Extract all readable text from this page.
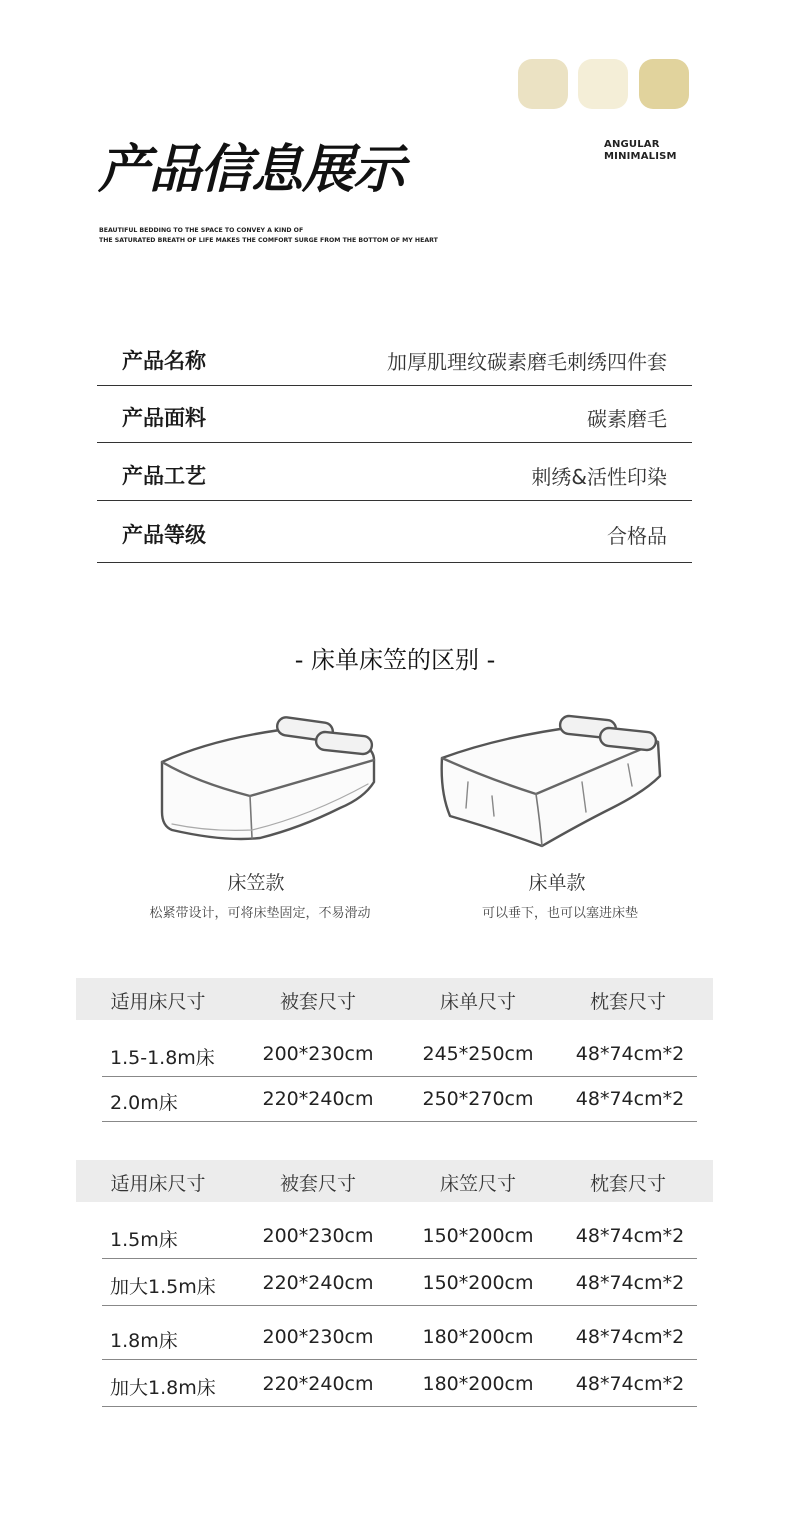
ANGULAR
MINIMALISM
产品信息展示
BEAUTIFUL BEDDING TO THE SPACE TO CONVEY A KIND OF
THE SATURATED BREATH OF LIFE MAKES THE COMFORT SURGE FROM THE BOTTOM OF MY HEART
产品名称	加厚肌理纹碳素磨毛刺绣四件套
产品面料	碳素磨毛
产品工艺	刺绣&活性印染
产品等级	合格品
- 床单床笠的区别 -
床笠款
松紧带设计，可将床垫固定，不易滑动
床单款
可以垂下，也可以塞进床垫
适用床尺寸	被套尺寸	床单尺寸	枕套尺寸
1.5-1.8m床	200*230cm	245*250cm	48*74cm*2
2.0m床	220*240cm	250*270cm	48*74cm*2
适用床尺寸	被套尺寸	床笠尺寸	枕套尺寸
1.5m床	200*230cm	150*200cm	48*74cm*2
加大1.5m床	220*240cm	150*200cm	48*74cm*2
1.8m床	200*230cm	180*200cm	48*74cm*2
加大1.8m床	220*240cm	180*200cm	48*74cm*2
